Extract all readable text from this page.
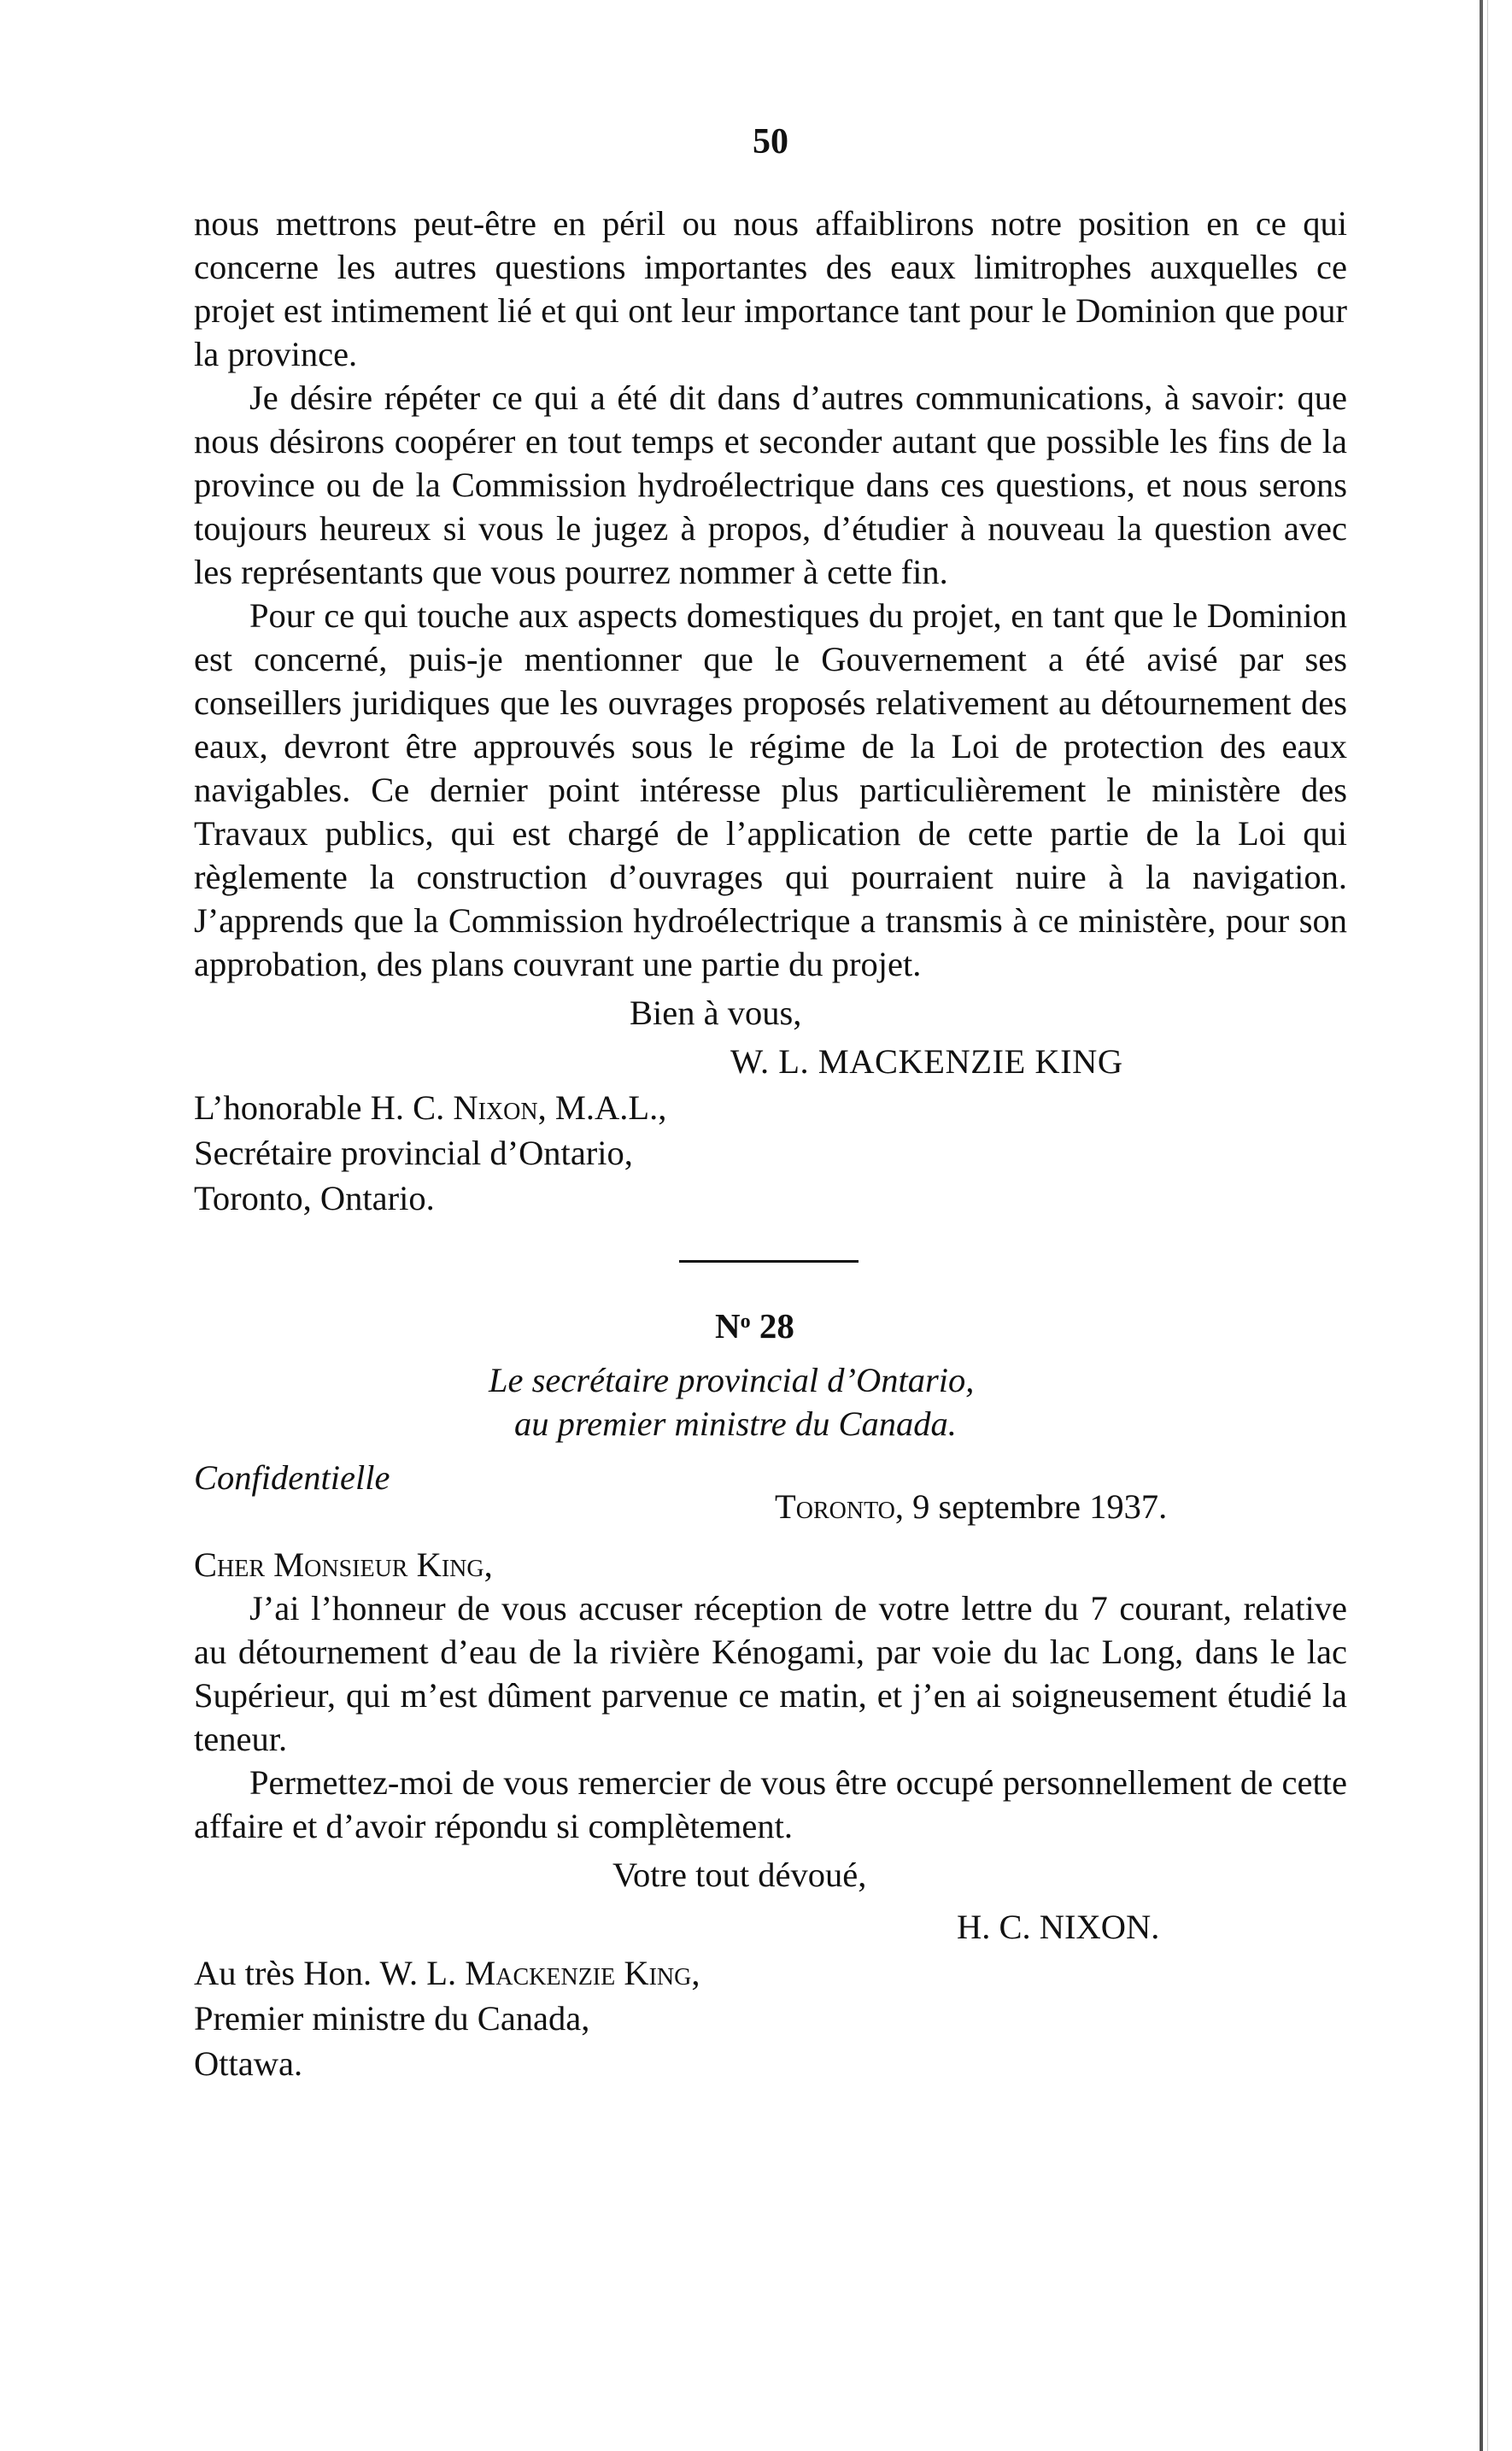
50

nous mettrons peut-être en péril ou nous affaiblirons notre position en ce qui concerne les autres questions importantes des eaux limitrophes auxquelles ce projet est intimement lié et qui ont leur importance tant pour le Dominion que pour la province.

Je désire répéter ce qui a été dit dans d’autres communications, à savoir: que nous désirons coopérer en tout temps et seconder autant que possible les fins de la province ou de la Commission hydroélectrique dans ces questions, et nous serons toujours heureux si vous le jugez à propos, d’étudier à nouveau la question avec les représentants que vous pourrez nommer à cette fin.

Pour ce qui touche aux aspects domestiques du projet, en tant que le Dominion est concerné, puis-je mentionner que le Gouvernement a été avisé par ses conseillers juridiques que les ouvrages proposés relativement au détournement des eaux, devront être approuvés sous le régime de la Loi de protection des eaux navigables. Ce dernier point intéresse plus particulièrement le ministère des Travaux publics, qui est chargé de l’application de cette partie de la Loi qui règlemente la construction d’ouvrages qui pourraient nuire à la navigation. J’apprends que la Commission hydroélectrique a transmis à ce ministère, pour son approbation, des plans couvrant une partie du projet.

Bien à vous,

W. L. MACKENZIE KING

L’honorable H. C. Nixon, M.A.L.,

Secrétaire provincial d’Ontario,

Toronto, Ontario.

$N^o$ 28

Le secrétaire provincial d’Ontario,

au premier ministre du Canada.

Confidentielle
Toronto, 9 septembre 1937.

Cher Monsieur King,

J’ai l’honneur de vous accuser réception de votre lettre du 7 courant, relative au détournement d’eau de la rivière Kénogami, par voie du lac Long, dans le lac Supérieur, qui m’est dûment parvenue ce matin, et j’en ai soigneusement étudié la teneur.

Permettez-moi de vous remercier de vous être occupé personnellement de cette affaire et d’avoir répondu si complètement.

Votre tout dévoué,

H. C. NIXON.

Au très Hon. W. L. Mackenzie King,

Premier ministre du Canada,

Ottawa.
